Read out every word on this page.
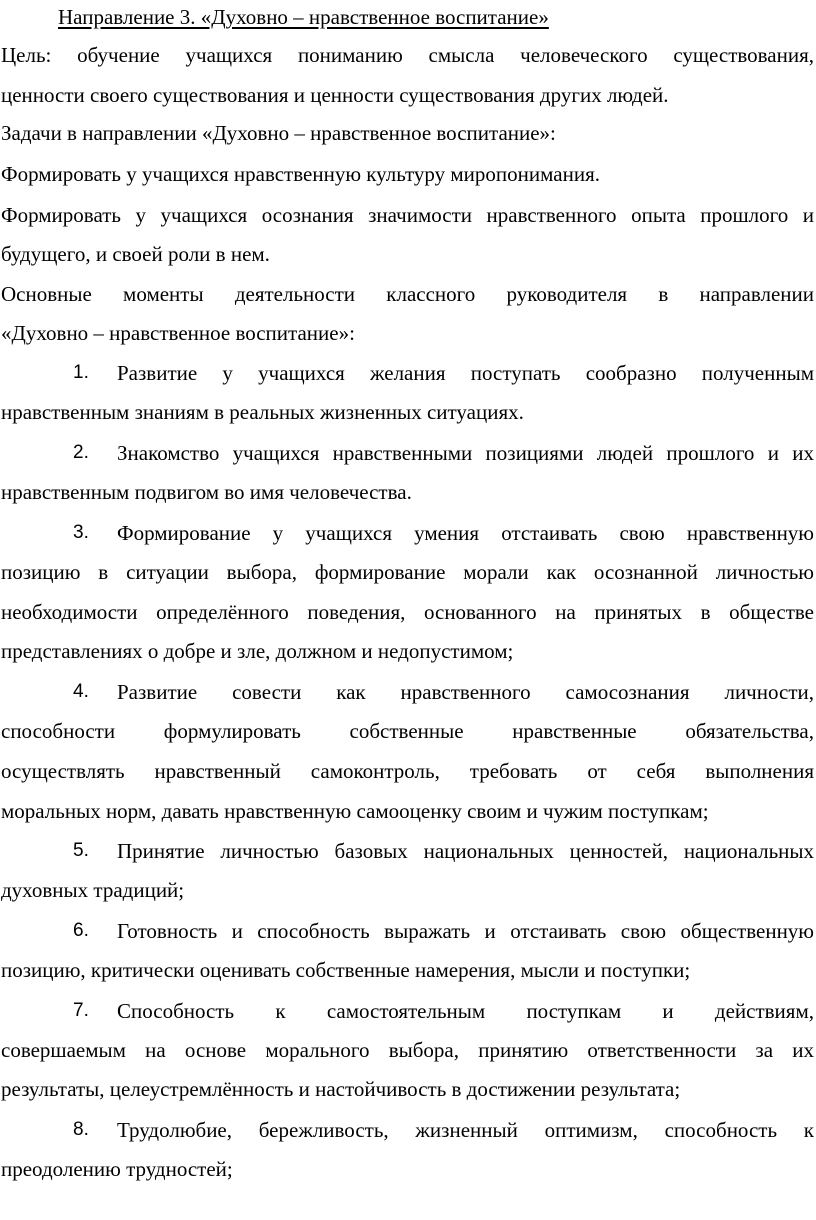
Направление 3. «Духовно – нравственное воспитание»
Цель: обучение учащихся пониманию смысла человеческого существования,
ценности своего существования и ценности существования других людей.
Задачи в направлении «Духовно – нравственное воспитание»:
Формировать у учащихся нравственную культуру миропонимания.
Формировать у учащихся осознания значимости нравственного опыта прошлого и
будущего, и своей роли в нем.
Основные моменты деятельности классного руководителя в направлении
«Духовно – нравственное воспитание»:
1.	Развитие у учащихся желания поступать сообразно полученным
нравственным знаниям в реальных жизненных ситуациях.
2.	Знакомство учащихся нравственными позициями людей прошлого и их
нравственным подвигом во имя человечества.
3.	Формирование у учащихся умения отстаивать свою нравственную
позицию в ситуации выбора, формирование морали как осознанной личностью
необходимости определённого поведения, основанного на принятых в обществе
представлениях о добре и зле, должном и недопустимом;
4.	Развитие совести как нравственного самосознания личности,
способности формулировать собственные нравственные обязательства,
осуществлять нравственный самоконтроль, требовать от себя выполнения
моральных норм, давать нравственную самооценку своим и чужим поступкам;
5.	Принятие личностью базовых национальных ценностей, национальных
духовных традиций;
6.	Готовность и способность выражать и отстаивать свою общественную
позицию, критически оценивать собственные намерения, мысли и поступки;
7.	Способность к самостоятельным поступкам и действиям,
совершаемым на основе морального выбора, принятию ответственности за их
результаты, целеустремлённость и настойчивость в достижении результата;
8.	Трудолюбие, бережливость, жизненный оптимизм, способность к
преодолению трудностей;
